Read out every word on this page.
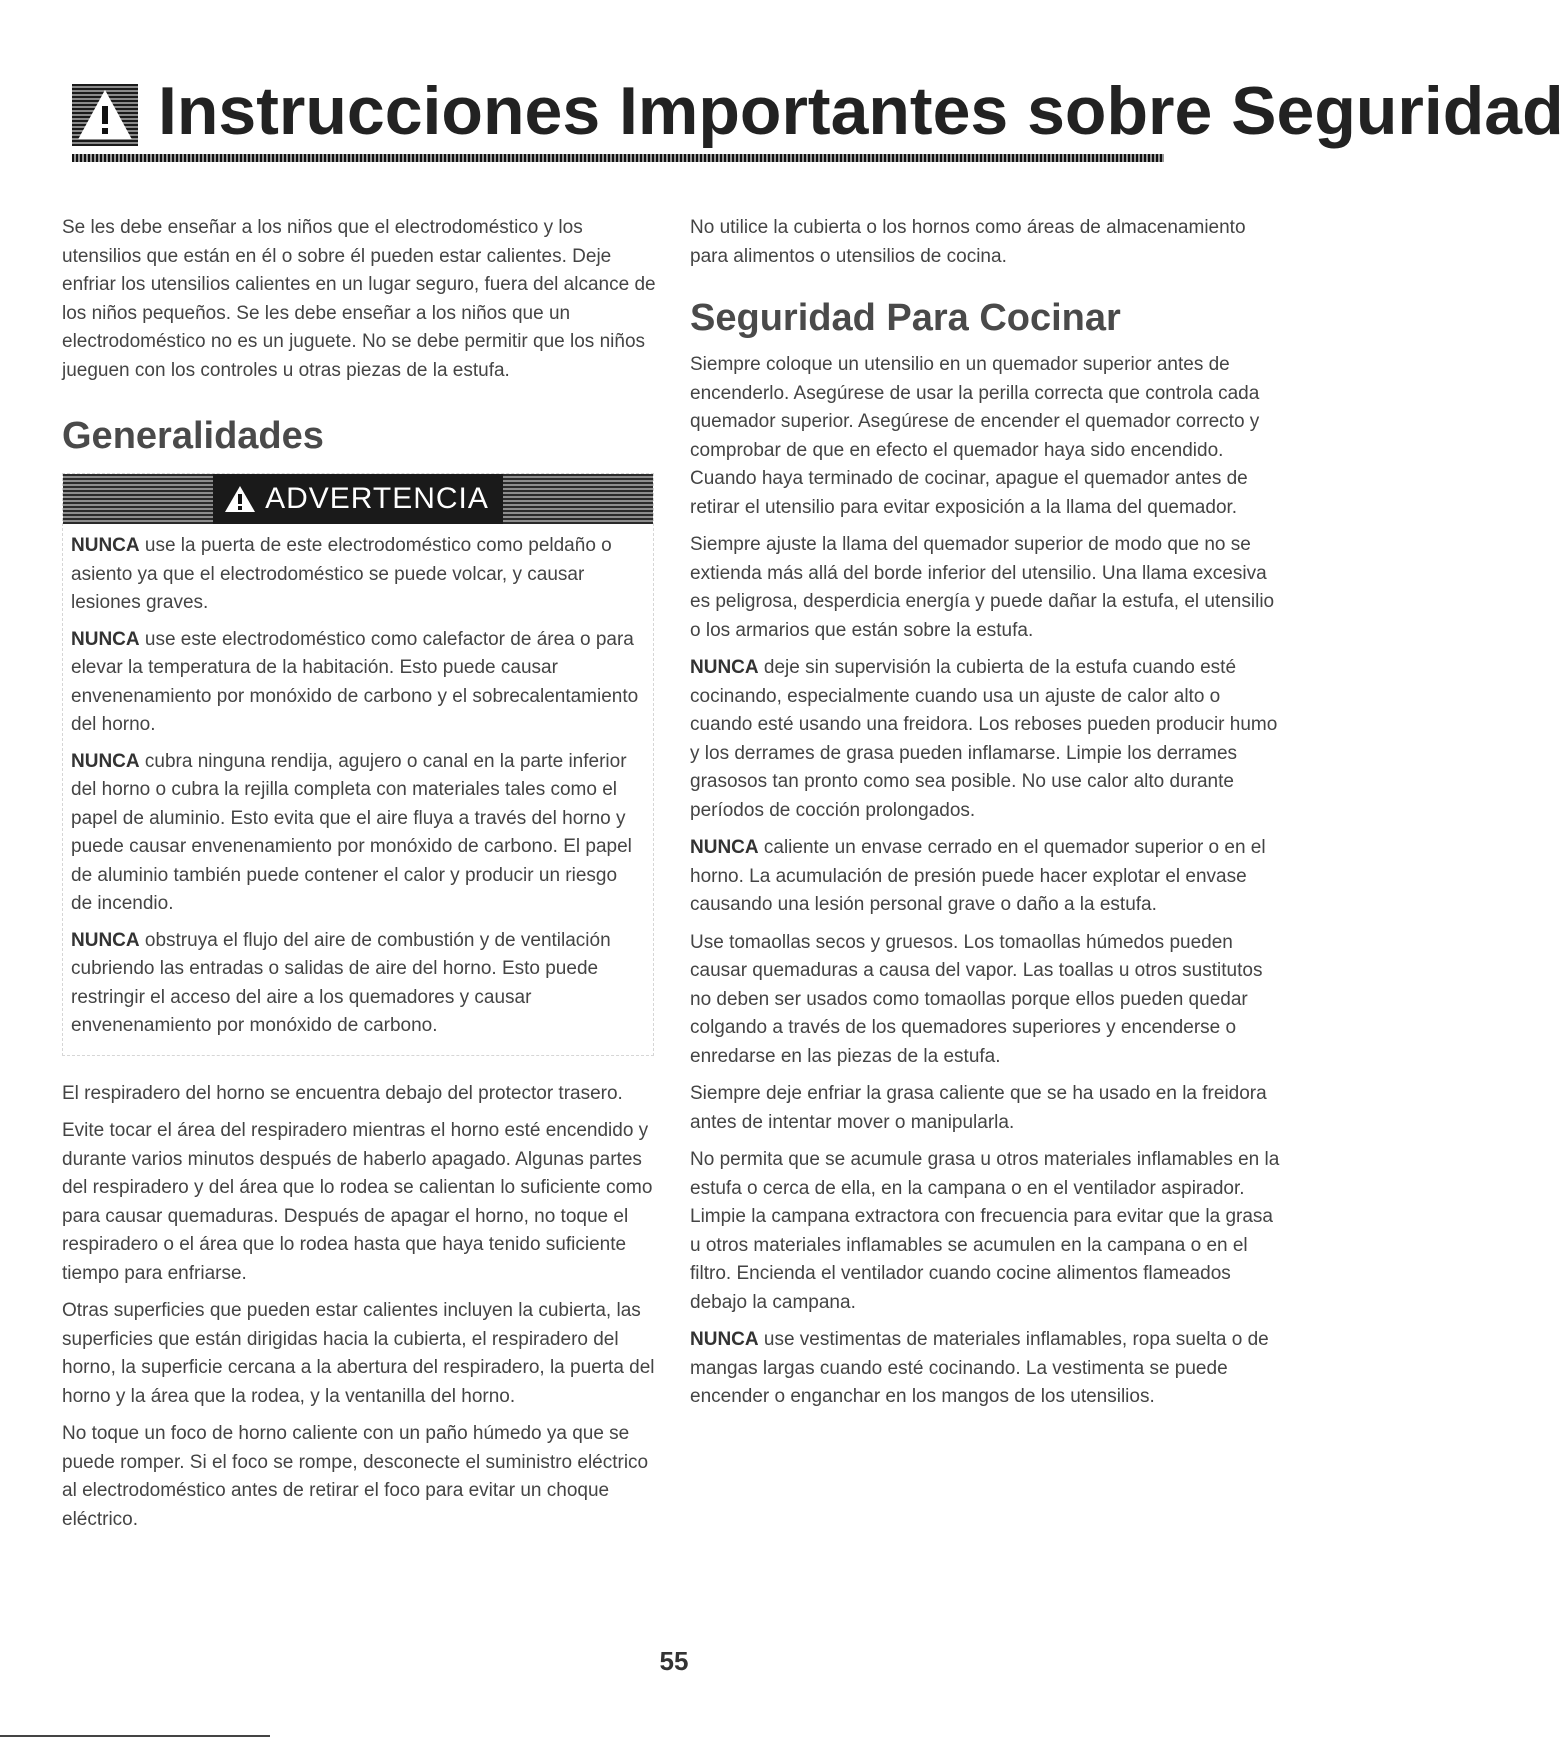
Instrucciones Importantes sobre Seguridad

Se les debe enseñar a los niños que el electrodoméstico y los utensilios que están en él o sobre él pueden estar calientes. Deje enfriar los utensilios calientes en un lugar seguro, fuera del alcance de los niños pequeños. Se les debe enseñar a los niños que un electrodoméstico no es un juguete. No se debe permitir que los niños jueguen con los controles u otras piezas de la estufa.

Generalidades
ADVERTENCIA

NUNCA use la puerta de este electrodoméstico como peldaño o asiento ya que el electrodoméstico se puede volcar, y causar lesiones graves.

NUNCA use este electrodoméstico como calefactor de área o para elevar la temperatura de la habitación. Esto puede causar envenenamiento por monóxido de carbono y el sobrecalentamiento del horno.

NUNCA cubra ninguna rendija, agujero o canal en la parte inferior del horno o cubra la rejilla completa con materiales tales como el papel de aluminio. Esto evita que el aire fluya a través del horno y puede causar envenenamiento por monóxido de carbono. El papel de aluminio también puede contener el calor y producir un riesgo de incendio.

NUNCA obstruya el flujo del aire de combustión y de ventilación cubriendo las entradas o salidas de aire del horno. Esto puede restringir el acceso del aire a los quemadores y causar envenenamiento por monóxido de carbono.

El respiradero del horno se encuentra debajo del protector trasero.

Evite tocar el área del respiradero mientras el horno esté encendido y durante varios minutos después de haberlo apagado. Algunas partes del respiradero y del área que lo rodea se calientan lo suficiente como para causar quemaduras. Después de apagar el horno, no toque el respiradero o el área que lo rodea hasta que haya tenido suficiente tiempo para enfriarse.

Otras superficies que pueden estar calientes incluyen la cubierta, las superficies que están dirigidas hacia la cubierta, el respiradero del horno, la superficie cercana a la abertura del respiradero, la puerta del horno y la área que la rodea, y la ventanilla del horno.

No toque un foco de horno caliente con un paño húmedo ya que se puede romper. Si el foco se rompe, desconecte el suministro eléctrico al electrodoméstico antes de retirar el foco para evitar un choque eléctrico.

No utilice la cubierta o los hornos como áreas de almacenamiento para alimentos o utensilios de cocina.

Seguridad Para Cocinar

Siempre coloque un utensilio en un quemador superior antes de encenderlo. Asegúrese de usar la perilla correcta que controla cada quemador superior. Asegúrese de encender el quemador correcto y comprobar de que en efecto el quemador haya sido encendido. Cuando haya terminado de cocinar, apague el quemador antes de retirar el utensilio para evitar exposición a la llama del quemador.

Siempre ajuste la llama del quemador superior de modo que no se extienda más allá del borde inferior del utensilio. Una llama excesiva es peligrosa, desperdicia energía y puede dañar la estufa, el utensilio o los armarios que están sobre la estufa.

NUNCA deje sin supervisión la cubierta de la estufa cuando esté cocinando, especialmente cuando usa un ajuste de calor alto o cuando esté usando una freidora. Los reboses pueden producir humo y los derrames de grasa pueden inflamarse. Limpie los derrames grasosos tan pronto como sea posible. No use calor alto durante períodos de cocción prolongados.

NUNCA caliente un envase cerrado en el quemador superior o en el horno. La acumulación de presión puede hacer explotar el envase causando una lesión personal grave o daño a la estufa.

Use tomaollas secos y gruesos. Los tomaollas húmedos pueden causar quemaduras a causa del vapor. Las toallas u otros sustitutos no deben ser usados como tomaollas porque ellos pueden quedar colgando a través de los quemadores superiores y encenderse o enredarse en las piezas de la estufa.

Siempre deje enfriar la grasa caliente que se ha usado en la freidora antes de intentar mover o manipularla.

No permita que se acumule grasa u otros materiales inflamables en la estufa o cerca de ella, en la campana o en el ventilador aspirador. Limpie la campana extractora con frecuencia para evitar que la grasa u otros materiales inflamables se acumulen en la campana o en el filtro. Encienda el ventilador cuando cocine alimentos flameados debajo la campana.

NUNCA use vestimentas de materiales inflamables, ropa suelta o de mangas largas cuando esté cocinando. La vestimenta se puede encender o enganchar en los mangos de los utensilios.

55
